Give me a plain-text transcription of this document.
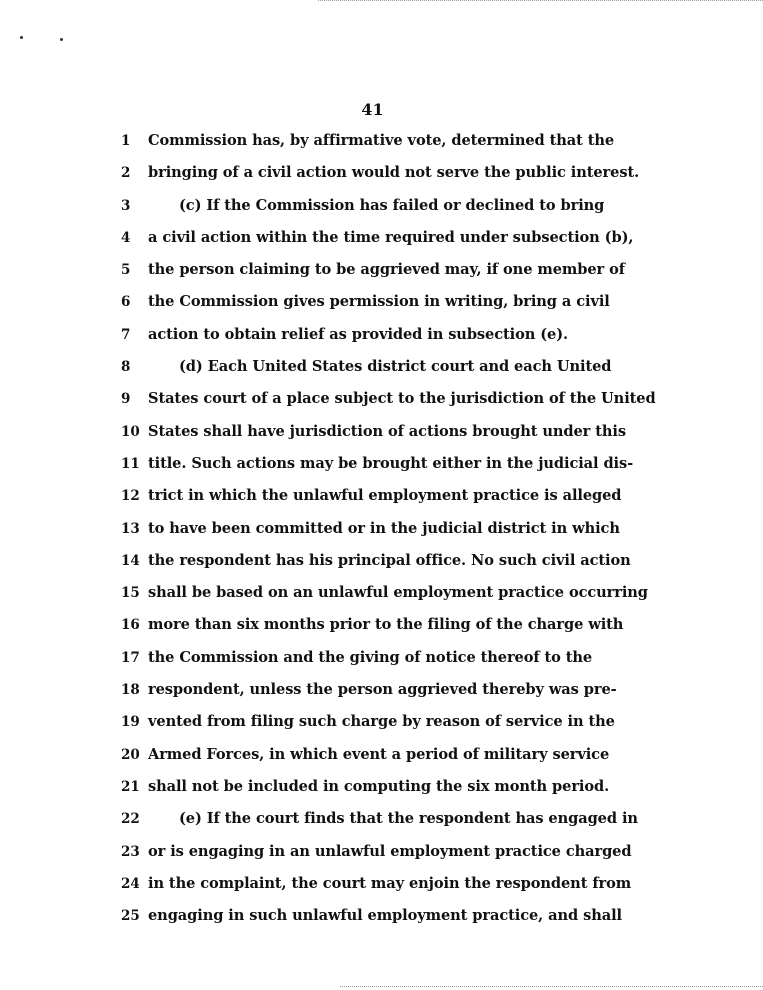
41
1	Commission has, by affirmative vote, determined that the
2	bringing of a civil action would not serve the public interest.
3	(c) If the Commission has failed or declined to bring
4	a civil action within the time required under subsection (b),
5	the person claiming to be aggrieved may, if one member of
6	the Commission gives permission in writing, bring a civil
7	action to obtain relief as provided in subsection (e).
8	(d) Each United States district court and each United
9	States court of a place subject to the jurisdiction of the United
10 States shall have jurisdiction of actions brought under this
11 title. Such actions may be brought either in the judicial dis-
12 trict in which the unlawful employment practice is alleged
13 to have been committed or in the judicial district in which
14 the respondent has his principal office. No such civil action
15 shall be based on an unlawful employment practice occurring
16 more than six months prior to the filing of the charge with
17 the Commission and the giving of notice thereof to the
18 respondent, unless the person aggrieved thereby was pre-
19 vented from filing such charge by reason of service in the
20 Armed Forces, in which event a period of military service
21 shall not be included in computing the six month period.
22	(e) If the court finds that the respondent has engaged in
23 or is engaging in an unlawful employment practice charged
24 in the complaint, the court may enjoin the respondent from
25 engaging in such unlawful employment practice, and shall
